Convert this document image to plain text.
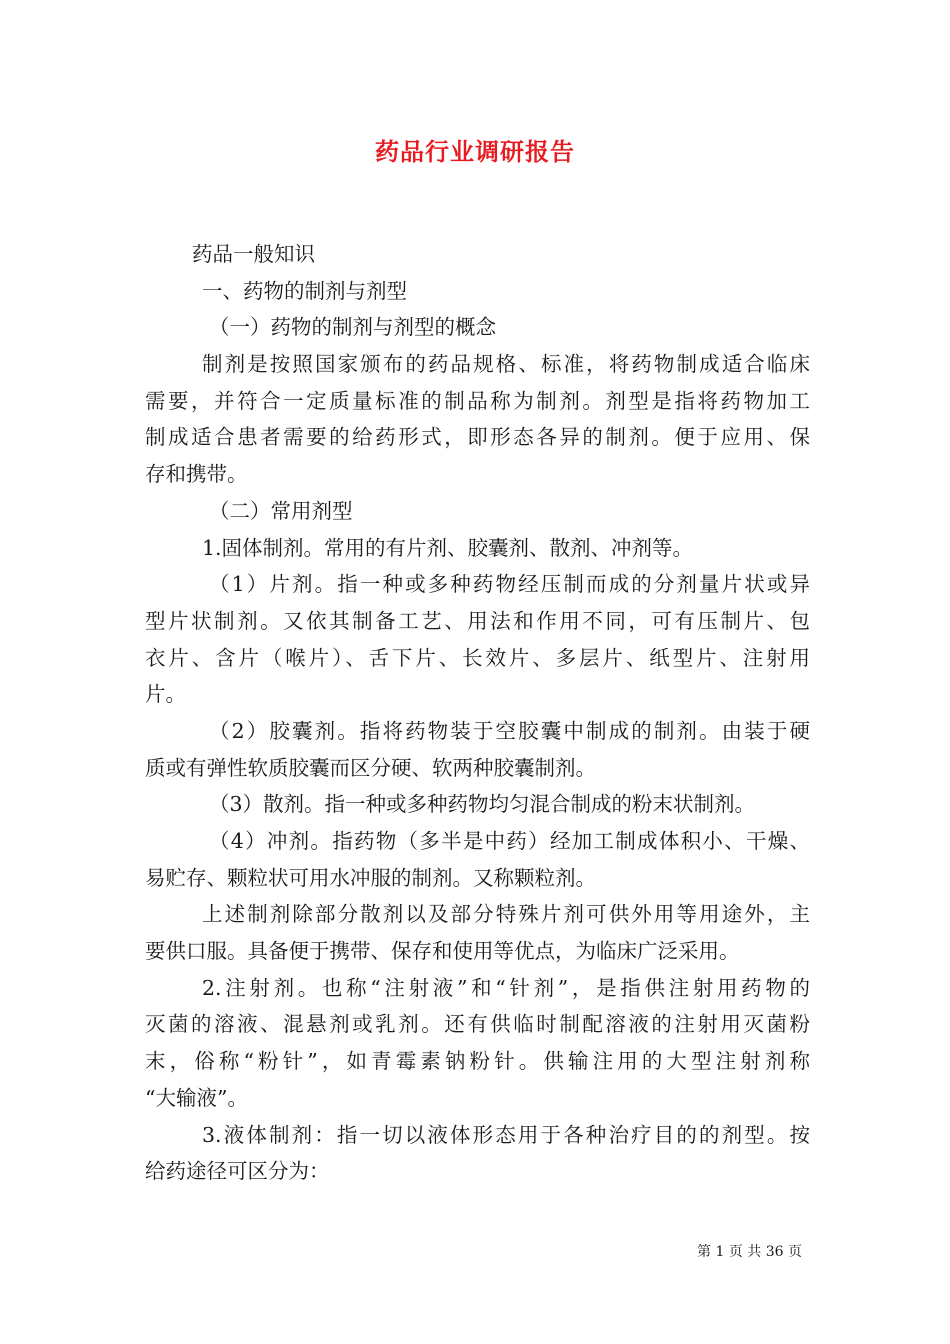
药品行业调研报告
药品一般知识
一、药物的制剂与剂型
（一）药物的制剂与剂型的概念
制剂是按照国家颁布的药品规格、标准，将药物制成适合临床
需要，并符合一定质量标准的制品称为制剂。剂型是指将药物加工
制成适合患者需要的给药形式，即形态各异的制剂。便于应用、保
存和携带。
（二）常用剂型
1.固体制剂。常用的有片剂、胶囊剂、散剂、冲剂等。
（1）片剂。指一种或多种药物经压制而成的分剂量片状或异
型片状制剂。又依其制备工艺、用法和作用不同，可有压制片、包
衣片、含片（喉片）、舌下片、长效片、多层片、纸型片、注射用
片。
（2）胶囊剂。指将药物装于空胶囊中制成的制剂。由装于硬
质或有弹性软质胶囊而区分硬、软两种胶囊制剂。
（3）散剂。指一种或多种药物均匀混合制成的粉末状制剂。
（4）冲剂。指药物（多半是中药）经加工制成体积小、干燥、
易贮存、颗粒状可用水冲服的制剂。又称颗粒剂。
上述制剂除部分散剂以及部分特殊片剂可供外用等用途外，主
要供口服。具备便于携带、保存和使用等优点，为临床广泛采用。
2.注射剂。也称“注射液”和“针剂”，是指供注射用药物的
灭菌的溶液、混悬剂或乳剂。还有供临时制配溶液的注射用灭菌粉
末，俗称“粉针”，如青霉素钠粉针。供输注用的大型注射剂称
“大输液”。
3.液体制剂：指一切以液体形态用于各种治疗目的的剂型。按
给药途径可区分为：
第 1 页 共 36 页
